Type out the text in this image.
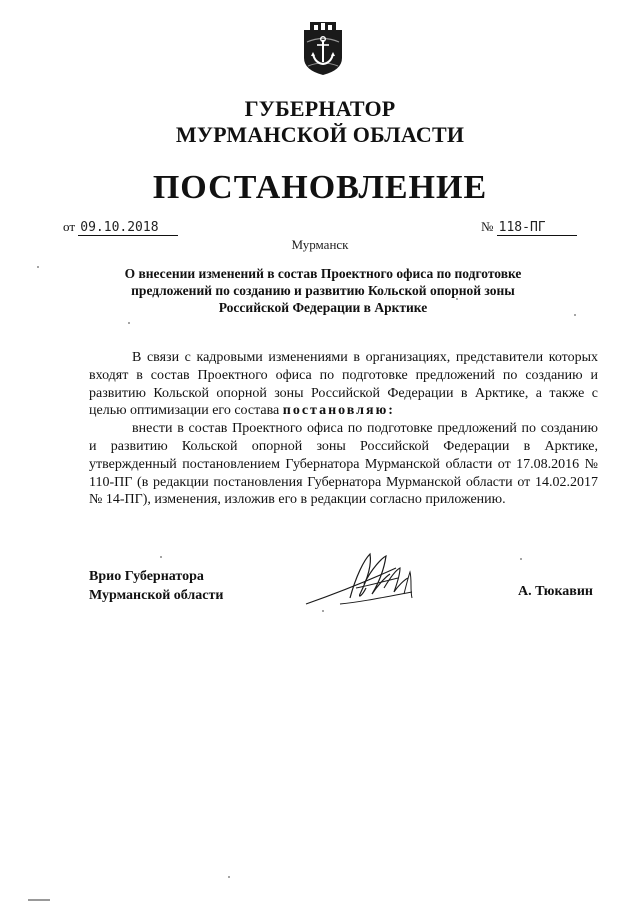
ГУБЕРНАТОР
МУРМАНСКОЙ ОБЛАСТИ
ПОСТАНОВЛЕНИЕ
от 09.10.2018	№ 118-ПГ
Мурманск
О внесении изменений в состав Проектного офиса по подготовке
предложений по созданию и развитию Кольской опорной зоны
Российской Федерации в Арктике

В связи с кадровыми изменениями в организациях, представители которых входят в состав Проектного офиса по подготовке предложений по созданию и развитию Кольской опорной зоны Российской Федерации в Арктике, а также с целью оптимизации его состава постановляю:

внести в состав Проектного офиса по подготовке предложений по созданию и развитию Кольской опорной зоны Российской Федерации в Арктике, утвержденный постановлением Губернатора Мурманской области от 17.08.2016 № 110-ПГ (в редакции постановления Губернатора Мурманской области от 14.02.2017 № 14-ПГ), изменения, изложив его в редакции согласно приложению.

Врио Губернатора
Мурманской области	А. Тюкавин
